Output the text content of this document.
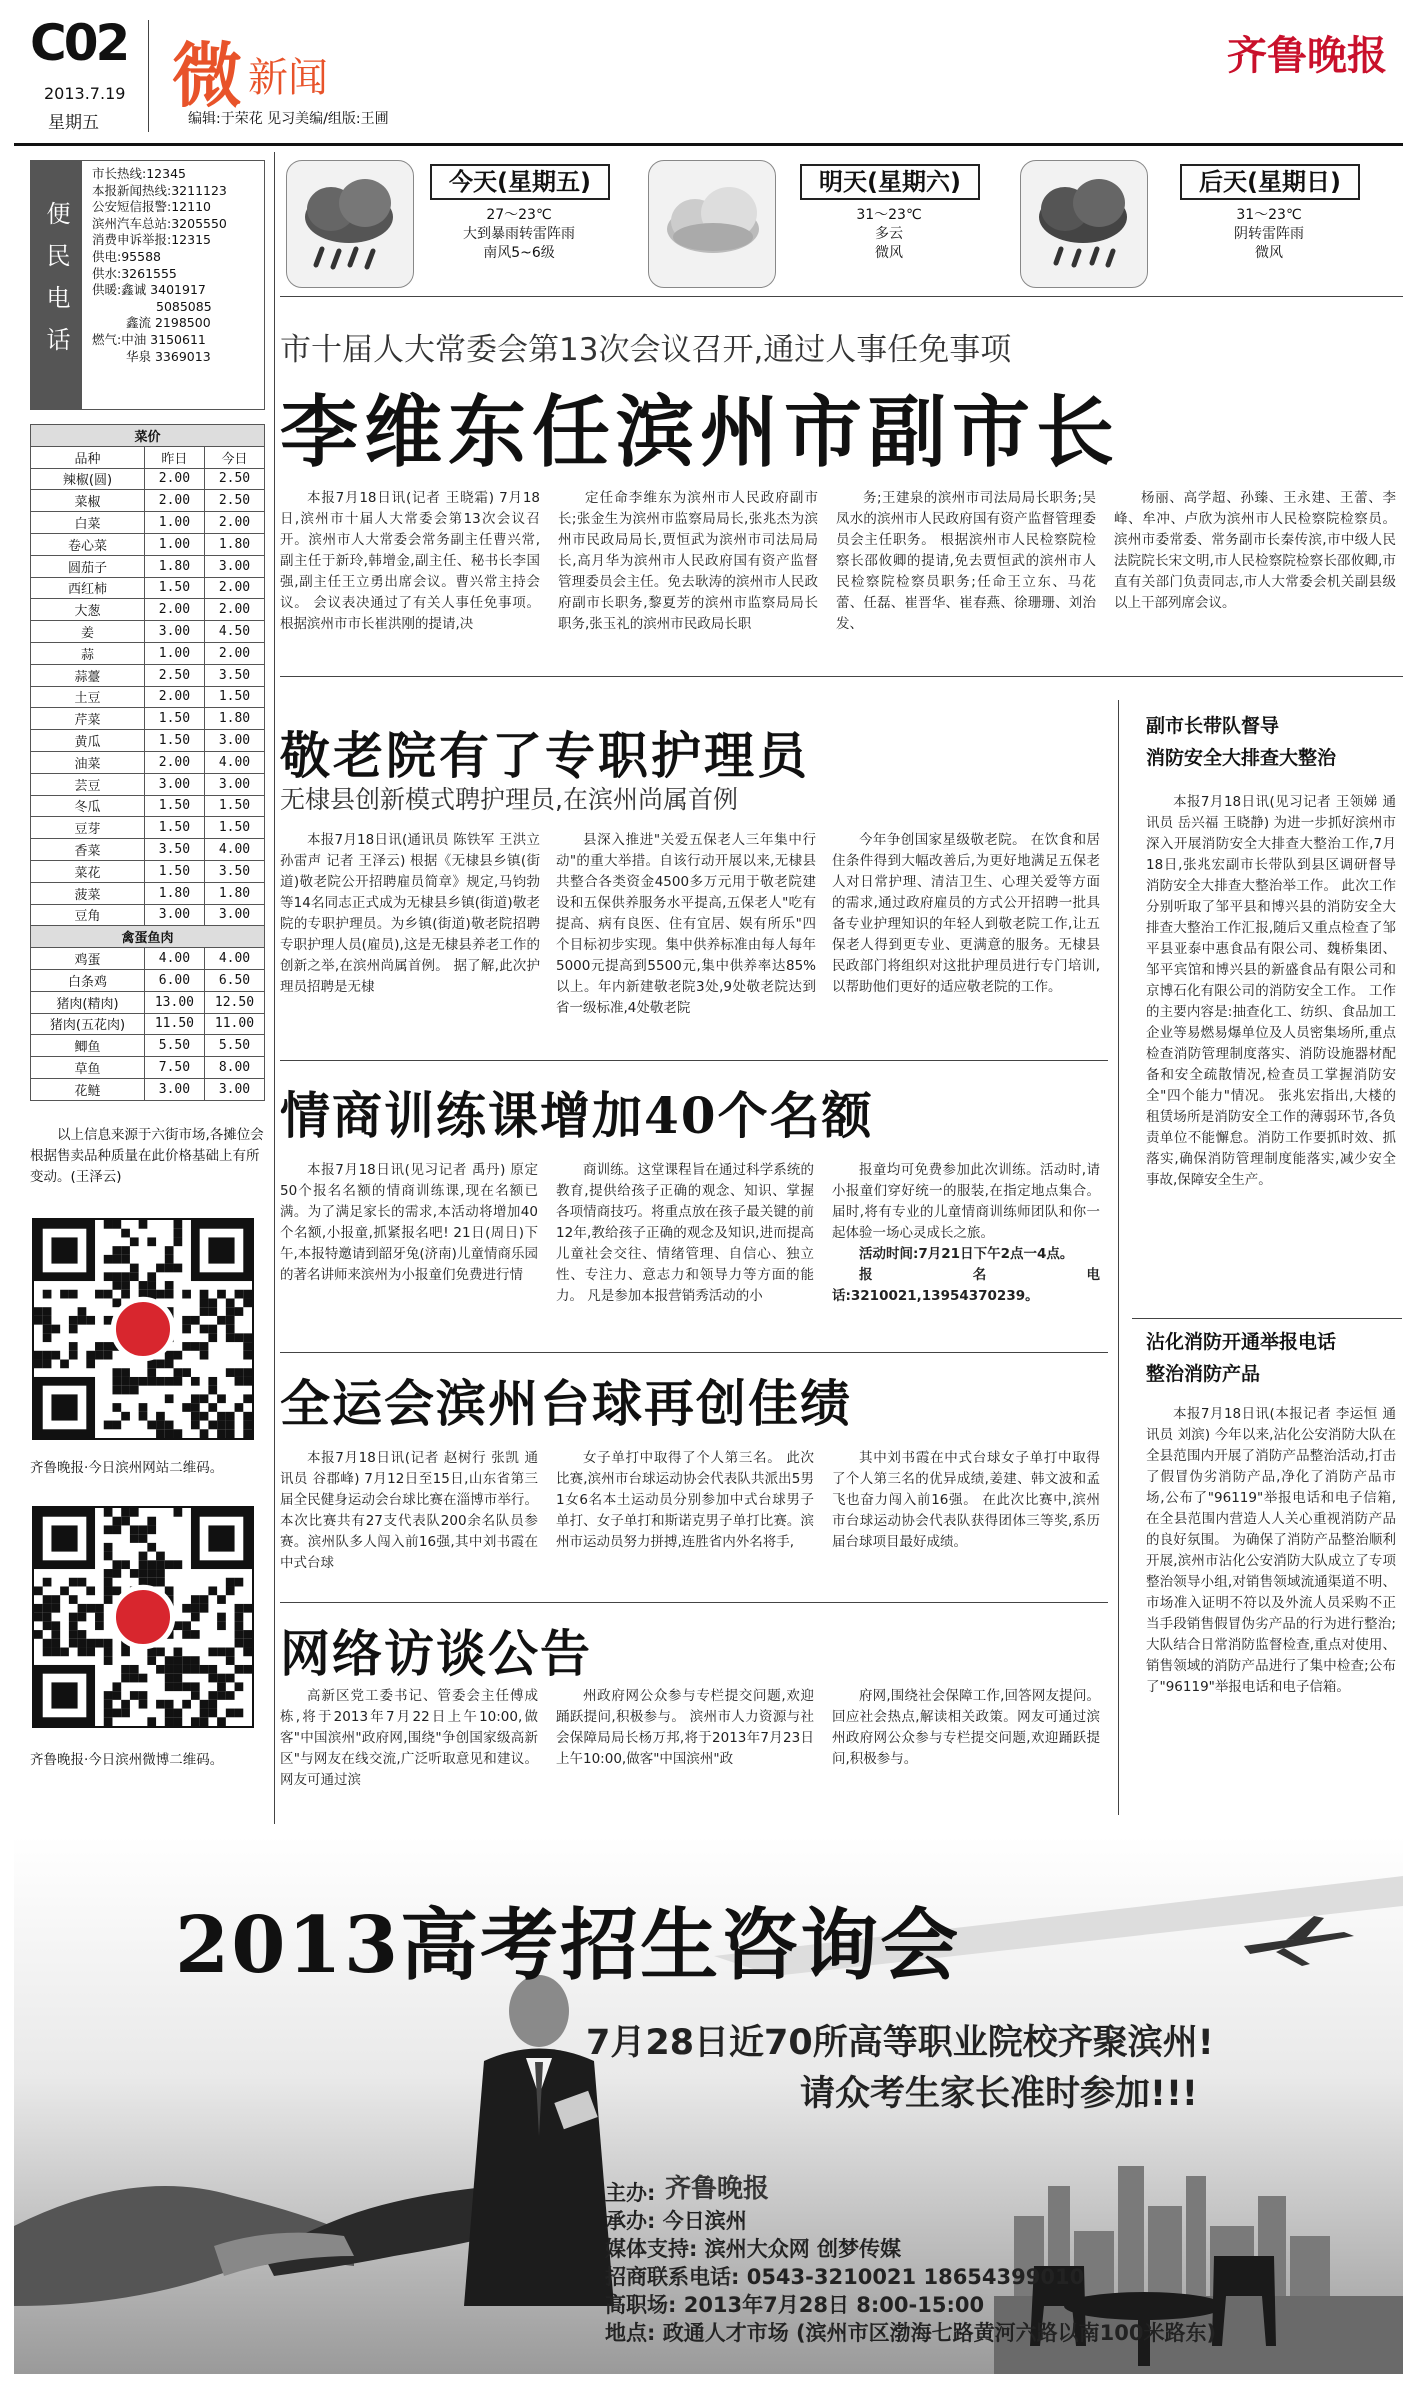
C02
2013.7.19
星期五
微 新闻
编辑:于荣花 见习美编/组版:王圃
齐鲁晚报
便民电话
市长热线:12345
本报新闻热线:3211123
公安短信报警:12110
滨州汽车总站:3205550
消费申诉举报:12315
供电:95588
供水:3261555
供暖:鑫诚 3401917
5085085
鑫流 2198500
燃气:中油 3150611
华泉 3369013
菜价		
品种	昨日	今日
辣椒(圆)	2.00	2.50
菜椒	2.00	2.50
白菜	1.00	2.00
卷心菜	1.00	1.80
圆茄子	1.80	3.00
西红柿	1.50	2.00
大葱	2.00	2.00
姜	3.00	4.50
蒜	1.00	2.00
蒜薹	2.50	3.50
土豆	2.00	1.50
芹菜	1.50	1.80
黄瓜	1.50	3.00
油菜	2.00	4.00
芸豆	3.00	3.00
冬瓜	1.50	1.50
豆芽	1.50	1.50
香菜	3.50	4.00
菜花	1.50	3.50
菠菜	1.80	1.80
豆角	3.00	3.00
禽蛋鱼肉		
鸡蛋	4.00	4.00
白条鸡	6.00	6.50
猪肉(精肉)	13.00	12.50
猪肉(五花肉)	11.50	11.00
鲫鱼	5.50	5.50
草鱼	7.50	8.00
花鲢	3.00	3.00
以上信息来源于六街市场,各摊位会根据售卖品种质量在此价格基础上有所变动。(王泽云)
齐鲁晚报·今日滨州网站二维码。
齐鲁晚报·今日滨州微博二维码。
今天(星期五)
27～23℃
大到暴雨转雷阵雨
南风5~6级
明天(星期六)
31～23℃
多云
微风
后天(星期日)
31～23℃
阴转雷阵雨
微风
市十届人大常委会第13次会议召开,通过人事任免事项
李维东任滨州市副市长

本报7月18日讯(记者 王晓霜) 7月18日,滨州市十届人大常委会第13次会议召开。滨州市人大常委会常务副主任曹兴常,副主任于新玲,韩增金,副主任、秘书长李国强,副主任王立勇出席会议。曹兴常主持会议。 会议表决通过了有关人事任免事项。根据滨州市市长崔洪刚的提请,决

定任命李维东为滨州市人民政府副市长;张金生为滨州市监察局局长,张兆杰为滨州市民政局局长,贾恒武为滨州市司法局局长,高月华为滨州市人民政府国有资产监督管理委员会主任。免去耿涛的滨州市人民政府副市长职务,黎夏芳的滨州市监察局局长职务,张玉礼的滨州市民政局长职

务;王建泉的滨州市司法局局长职务;吴凤水的滨州市人民政府国有资产监督管理委员会主任职务。 根据滨州市人民检察院检察长邵攸卿的提请,免去贾恒武的滨州市人民检察院检察员职务;任命王立东、马花蕾、任磊、崔晋华、崔春燕、徐珊珊、刘治发、

杨丽、高学超、孙臻、王永建、王蕾、李峰、牟冲、卢欣为滨州市人民检察院检察员。 滨州市委常委、常务副市长秦传滨,市中级人民法院院长宋文明,市人民检察院检察长邵攸卿,市直有关部门负责同志,市人大常委会机关副县级以上干部列席会议。

敬老院有了专职护理员
无棣县创新模式聘护理员,在滨州尚属首例

本报7月18日讯(通讯员 陈铁军 王洪立 孙雷声 记者 王泽云) 根据《无棣县乡镇(街道)敬老院公开招聘雇员简章》规定,马钧勃等14名同志正式成为无棣县乡镇(街道)敬老院的专职护理员。为乡镇(街道)敬老院招聘专职护理人员(雇员),这是无棣县养老工作的创新之举,在滨州尚属首例。 据了解,此次护理员招聘是无棣

县深入推进"关爱五保老人三年集中行动"的重大举措。自该行动开展以来,无棣县共整合各类资金4500多万元用于敬老院建设和五保供养服务水平提高,五保老人"吃有提高、病有良医、住有宜居、娱有所乐"四个目标初步实现。集中供养标准由每人每年5000元提高到5500元,集中供养率达85%以上。年内新建敬老院3处,9处敬老院达到省一级标准,4处敬老院

今年争创国家星级敬老院。 在饮食和居住条件得到大幅改善后,为更好地满足五保老人对日常护理、清洁卫生、心理关爱等方面的需求,通过政府雇员的方式公开招聘一批具备专业护理知识的年轻人到敬老院工作,让五保老人得到更专业、更满意的服务。无棣县民政部门将组织对这批护理员进行专门培训,以帮助他们更好的适应敬老院的工作。

副市长带队督导
消防安全大排查大整治

本报7月18日讯(见习记者 王领娣 通讯员 岳兴福 王晓静) 为进一步抓好滨州市深入开展消防安全大排查大整治工作,7月18日,张兆宏副市长带队到县区调研督导消防安全大排查大整治举工作。 此次工作分别听取了邹平县和博兴县的消防安全大排查大整治工作汇报,随后又重点检查了邹平县亚泰中惠食品有限公司、魏桥集团、邹平宾馆和博兴县的新盛食品有限公司和京博石化有限公司的消防安全工作。 工作的主要内容是:抽查化工、纺织、食品加工企业等易燃易爆单位及人员密集场所,重点检查消防管理制度落实、消防设施器材配备和安全疏散情况,检查员工掌握消防安全"四个能力"情况。 张兆宏指出,大楼的租赁场所是消防安全工作的薄弱环节,各负责单位不能懈怠。消防工作要抓时效、抓落实,确保消防管理制度能落实,减少安全事故,保障安全生产。

沾化消防开通举报电话
整治消防产品

本报7月18日讯(本报记者 李运恒 通讯员 刘滨) 今年以来,沾化公安消防大队在全县范围内开展了消防产品整治活动,打击了假冒伪劣消防产品,净化了消防产品市场,公布了"96119"举报电话和电子信箱,在全县范围内营造人人关心重视消防产品的良好氛围。 为确保了消防产品整治顺利开展,滨州市沾化公安消防大队成立了专项整治领导小组,对销售领域流通渠道不明、市场准入证明不符以及外流人员采购不正当手段销售假冒伪劣产品的行为进行整治;大队结合日常消防监督检查,重点对使用、销售领域的消防产品进行了集中检查;公布了"96119"举报电话和电子信箱。

情商训练课增加40个名额

本报7月18日讯(见习记者 禹丹) 原定50个报名名额的情商训练课,现在名额已满。为了满足家长的需求,本活动将增加40个名额,小报童,抓紧报名吧! 21日(周日)下午,本报特邀请到韶牙兔(济南)儿童情商乐园的著名讲师来滨州为小报童们免费进行情

商训练。这堂课程旨在通过科学系统的教育,提供给孩子正确的观念、知识、掌握各项情商技巧。将重点放在孩子最关键的前12年,教给孩子正确的观念及知识,进而提高儿童社会交往、情绪管理、自信心、独立性、专注力、意志力和领导力等方面的能力。 凡是参加本报营销秀活动的小

报童均可免费参加此次训练。活动时,请小报童们穿好统一的服装,在指定地点集合。届时,将有专业的儿童情商训练师团队和你一起体验一场心灵成长之旅。

活动时间:7月21日下午2点一4点。

报名电话:3210021,13954370239。

全运会滨州台球再创佳绩

本报7月18日讯(记者 赵树行 张凯 通讯员 谷郡峰) 7月12日至15日,山东省第三届全民健身运动会台球比赛在淄博市举行。本次比赛共有27支代表队200余名队员参赛。滨州队多人闯入前16强,其中刘书霞在中式台球

女子单打中取得了个人第三名。 此次比赛,滨州市台球运动协会代表队共派出5男1女6名本土运动员分别参加中式台球男子单打、女子单打和斯诺克男子单打比赛。滨州市运动员努力拼搏,连胜省内外名将手,

其中刘书霞在中式台球女子单打中取得了个人第三名的优异成绩,姜建、韩文波和孟飞也奋力闯入前16强。 在此次比赛中,滨州市台球运动协会代表队获得团体三等奖,系历届台球项目最好成绩。

网络访谈公告

高新区党工委书记、管委会主任傅成栋,将于2013年7月22日上午10:00,做客"中国滨州"政府网,围绕"争创国家级高新区"与网友在线交流,广泛听取意见和建议。网友可通过滨

州政府网公众参与专栏提交问题,欢迎踊跃提问,积极参与。 滨州市人力资源与社会保障局局长杨万邦,将于2013年7月23日上午10:00,做客"中国滨州"政

府网,围绕社会保障工作,回答网友提问。回应社会热点,解读相关政策。网友可通过滨州政府网公众参与专栏提交问题,欢迎踊跃提问,积极参与。

2013高考招生咨询会
7月28日近70所高等职业院校齐聚滨州!
请众考生家长准时参加!!!
主办: 齐鲁晚报
承办: 今日滨州
媒体支持: 滨州大众网 创梦传媒
招商联系电话: 0543-3210021 18654399010
高职场: 2013年7月28日 8:00-15:00
地点: 政通人才市场 (滨州市区渤海七路黄河六路以南100米路东)
